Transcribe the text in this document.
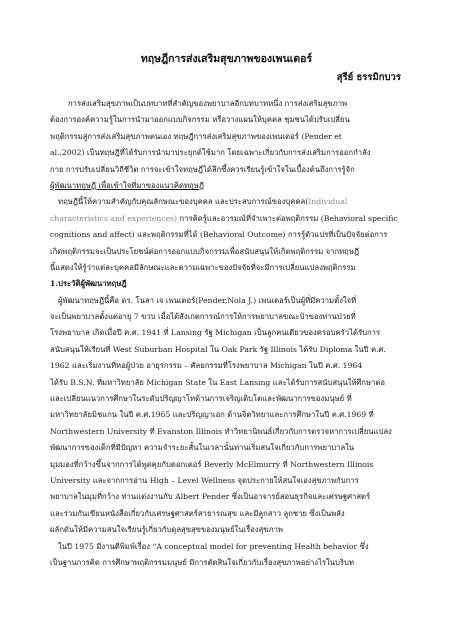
ทฤษฎีการส่งเสริมสุขภาพของเพนเดอร์
สุรีย์ ธรรมิกบวร
การส่งเสริมสุขภาพเป็นบทบาทที่สำคัญของพยาบาลอีกบทบาทหนึ่ง การส่งเสริมสุขภาพ
ต้องการองค์ความรู้ในการนำมาออกแบบกิจกรรม หรือวางแผนให้บุคคล ชุมชนได้ปรับเปลี่ยน
พฤติกรรมสู่การส่งเสริมสุขภาพตนเอง ทฤษฎีการส่งเสริมสุขภาพของเพนเดอร์ (Pender et
al.,2002) เป็นทฤษฎีที่ได้รับการนำมาประยุกต์ใช้มาก โดยเฉพาะเกี่ยวกับการส่งเสริมการออกกำลัง
กาย การปรับเปลี่ยนวิถีชีวิต การจะเข้าใจทฤษฎีได้ลึกซึ้งควรเรียนรู้เข้าใจในเบื้องต้นถึงการรู้จัก
ผู้พัฒนาทฤษฎี เพื่อเข้าใจที่มาของแนวคิดทฤษฎี
ทฤษฎีนี้ให้ความสำคัญกับคุณลักษณะของบุคคล และประสบการณ์ของบุคคล(Individual
characteristics and experiences) การคิดรู้และอารมณ์ที่จำเพาะต่อพฤติกรรม (Behavioral specific
cognitions and affect) และพฤติกรรมที่ได้ (Behavioral Outcome) การรู้ตัวแปรที่เป็นปัจจัยต่อการ
เกิดพฤติกรรมจะเป็นประโยชน์ต่อการออกแบบกิจกรรมเพื่อสนับสนุนให้เกิดพฤติกรรม จากทฤษฎี
นี้แสดงให้รู้ว่าแต่ละบุคคลมีลักษณะและความเฉพาะของปัจจัยที่จะมีการเปลี่ยนแปลงพฤติกรรม
1.ประวัติผู้พัฒนาทฤษฎี
ผู้พัฒนาทฤษฎีนี้คือ ดร. โนลา เจ เพนเดอร์(Pender,Nola J.) เพนเดอร์เป็นผู้ที่มีความตั้งใจที่
จะเป็นพยาบาลตั้งแต่อายุ 7 ขวบ เมื่อได้สังเกตการณ์การให้การพยาบาลขณะป้าของท่านป่วยที่
โรงพยาบาล เกิดเมื่อปี ค.ศ. 1941 ที่ Lansing รัฐ Michigan เป็นลูกคนเดียวของครอบครัวได้รับการ
สนับสนุนให้เรียนที่ West Suburban Hospital ใน Oak Park รัฐ Illinois ได้รับ Diploma ในปี ค.ศ.
1962 และเริ่มงานที่หอผู้ป่วย อายุรกรรม – ศัลยกรรมที่โรงพยาบาล Michigan ในปี ค.ศ. 1964
ได้รับ B.S.N. ที่มหาวิทยาลัย Michigan State ใน East Lansing และได้รับการสนับสนุนให้ศึกษาต่อ
และเปลี่ยนแนวการศึกษาในระดับปริญญาโทด้านการเจริญเติบโตและพัฒนาการของมนุษย์ ที่
มหาวิทยาลัยมิชแกน ในปี ค.ศ.1965 และปริญญาเอก ด้านจิตวิทยาและการศึกษาในปี ค.ศ.1969 ที่
Northwestern University ที่ Evanston Illinois ทำวิทยานิพนธ์เกี่ยวกับการตรวจหาการเปลี่ยนแปลง
พัฒนาการของเด็กที่มีปัญหา ความจำระยะสั้นในเวลานั้นท่านเริ่มสนใจเกี่ยวกับการพยาบาลใน
มุมมองที่กว้างขึ้นจากการได้พูดคุยกับดอกเตอร์ Beverly McElmurry ที่ Northwestern Illinois
University และจากการอ่าน High – Level Wellness จุดประกายให้สนใจเองสุขภาพกับการ
พยาบาลในมุมที่กว้าง ท่านแต่งงานกับ Albert Pender ซึ่งเป็นอาจารย์สอนธุรกิจและเศรษฐศาสตร์
และร่วมกันเขียนหนังสือเกี่ยวกับเศรษฐศาสตร์สาธารณสุข และมีลูกสาว ลูกชาย ซึ่งเป็นพลัง
ผลักดันให้มีความสนใจเรียนรู้เกี่ยวกับดุลสุขสุขของมนุษย์ในเรื่องสุขภาพ
ในปี 1975 มีงานตีพิมพ์เรื่อง “A conceptual model for preventing Health behavior ซึ่ง
เป็นฐานการคิด การศึกษาพฤติกรรมมนุษย์ มีการตัดสินใจเกี่ยวกับเรื่องสุขภาพอย่างไรในบริบท
